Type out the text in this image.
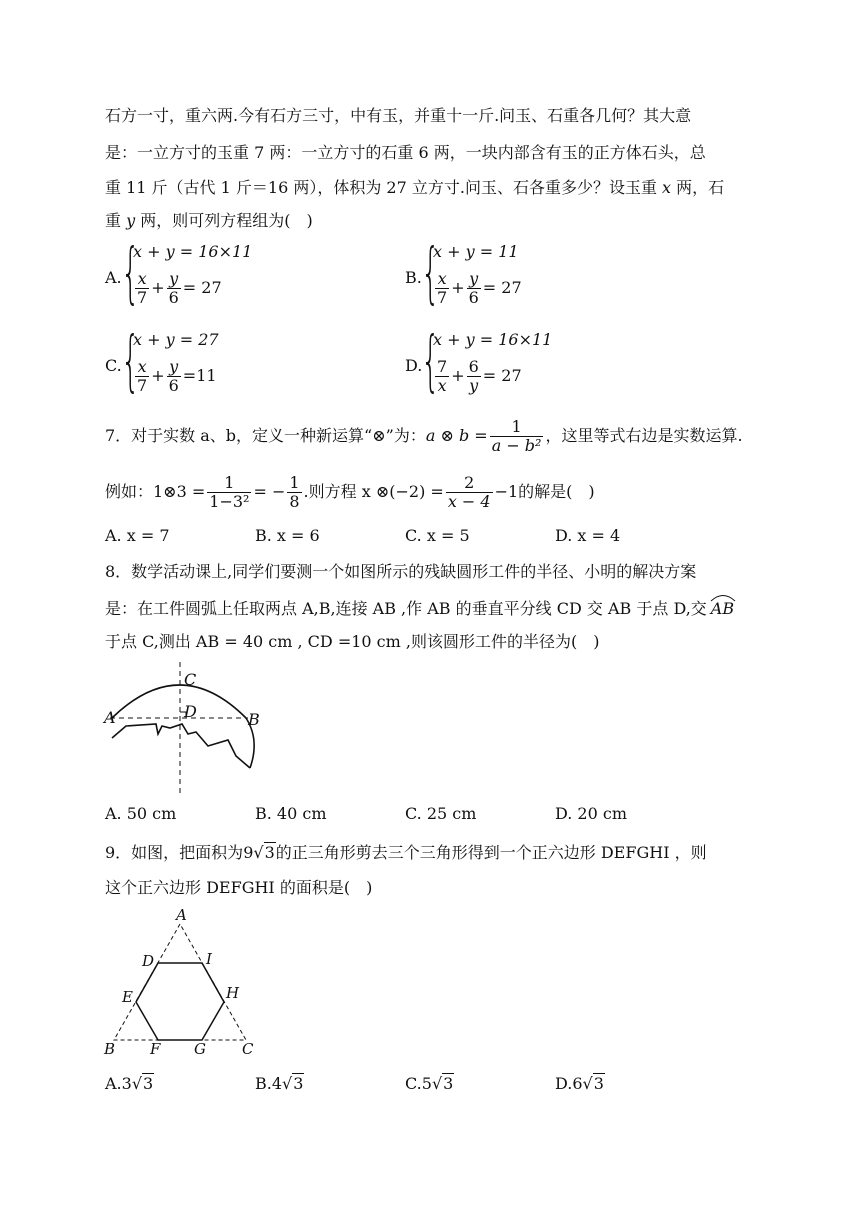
石方一寸，重六两.今有石方三寸，中有玉，并重十一斤.问玉、石重各几何？其大意
是：一立方寸的玉重 7 两：一立方寸的石重 6 两，一块内部含有玉的正方体石头，总
重 11 斤（古代 1 斤＝16 两），体积为 27 立方寸.问玉、石各重多少？设玉重 x 两，石
重 y 两，则可列方程组为(　)
A. {
x + y = 16×11
$\frac{x}{7} + \frac{y}{6} = 27$
B. {
x + y = 11
$\frac{x}{7} + \frac{y}{6} = 27$
C. {
x + y = 27
$\frac{x}{7} + \frac{y}{6} =11$
D.
{
x + y = 16×11
$\frac{7}{x} + \frac{6}{y} = 27$
7．对于实数 a、b，定义一种新运算“⊗”为：a ⊗ $b = \frac{1}{\text{a − b²}}$ ，这里等式右边是实数运算.
例如：1⊗3 = $\frac{1}{\text{1−3²}}$ = − $\frac{1}{8}$ .则方程 x ⊗(−2) = $\frac{2}{x - 4} -1$的解是(　)
A. x = 7	B. x = 6	C. x = 5	D. x = 4
8．数学活动课上,同学们要测一个如图所示的残缺圆形工件的半径、小明的解决方案
是：在工件圆弧上任取两点 A,B,连接 AB ,作 AB 的垂直平分线 CD 交 AB 于点 D,交 AB
于点 C,测出 AB = 40 cm , CD =10 cm ,则该圆形工件的半径为(　)
A	B
C
D
A. 50 cm	B. 40 cm	C. 25 cm	D. 20 cm
9．如图，把面积为9√3的正三角形剪去三个三角形得到一个正六边形 DEFGHI ，则
这个正六边形 DEFGHI 的面积是(　)
A
B	C
D
E
F G
H
I
A.3√3	B.4√3	C.5√3	D.6√3
